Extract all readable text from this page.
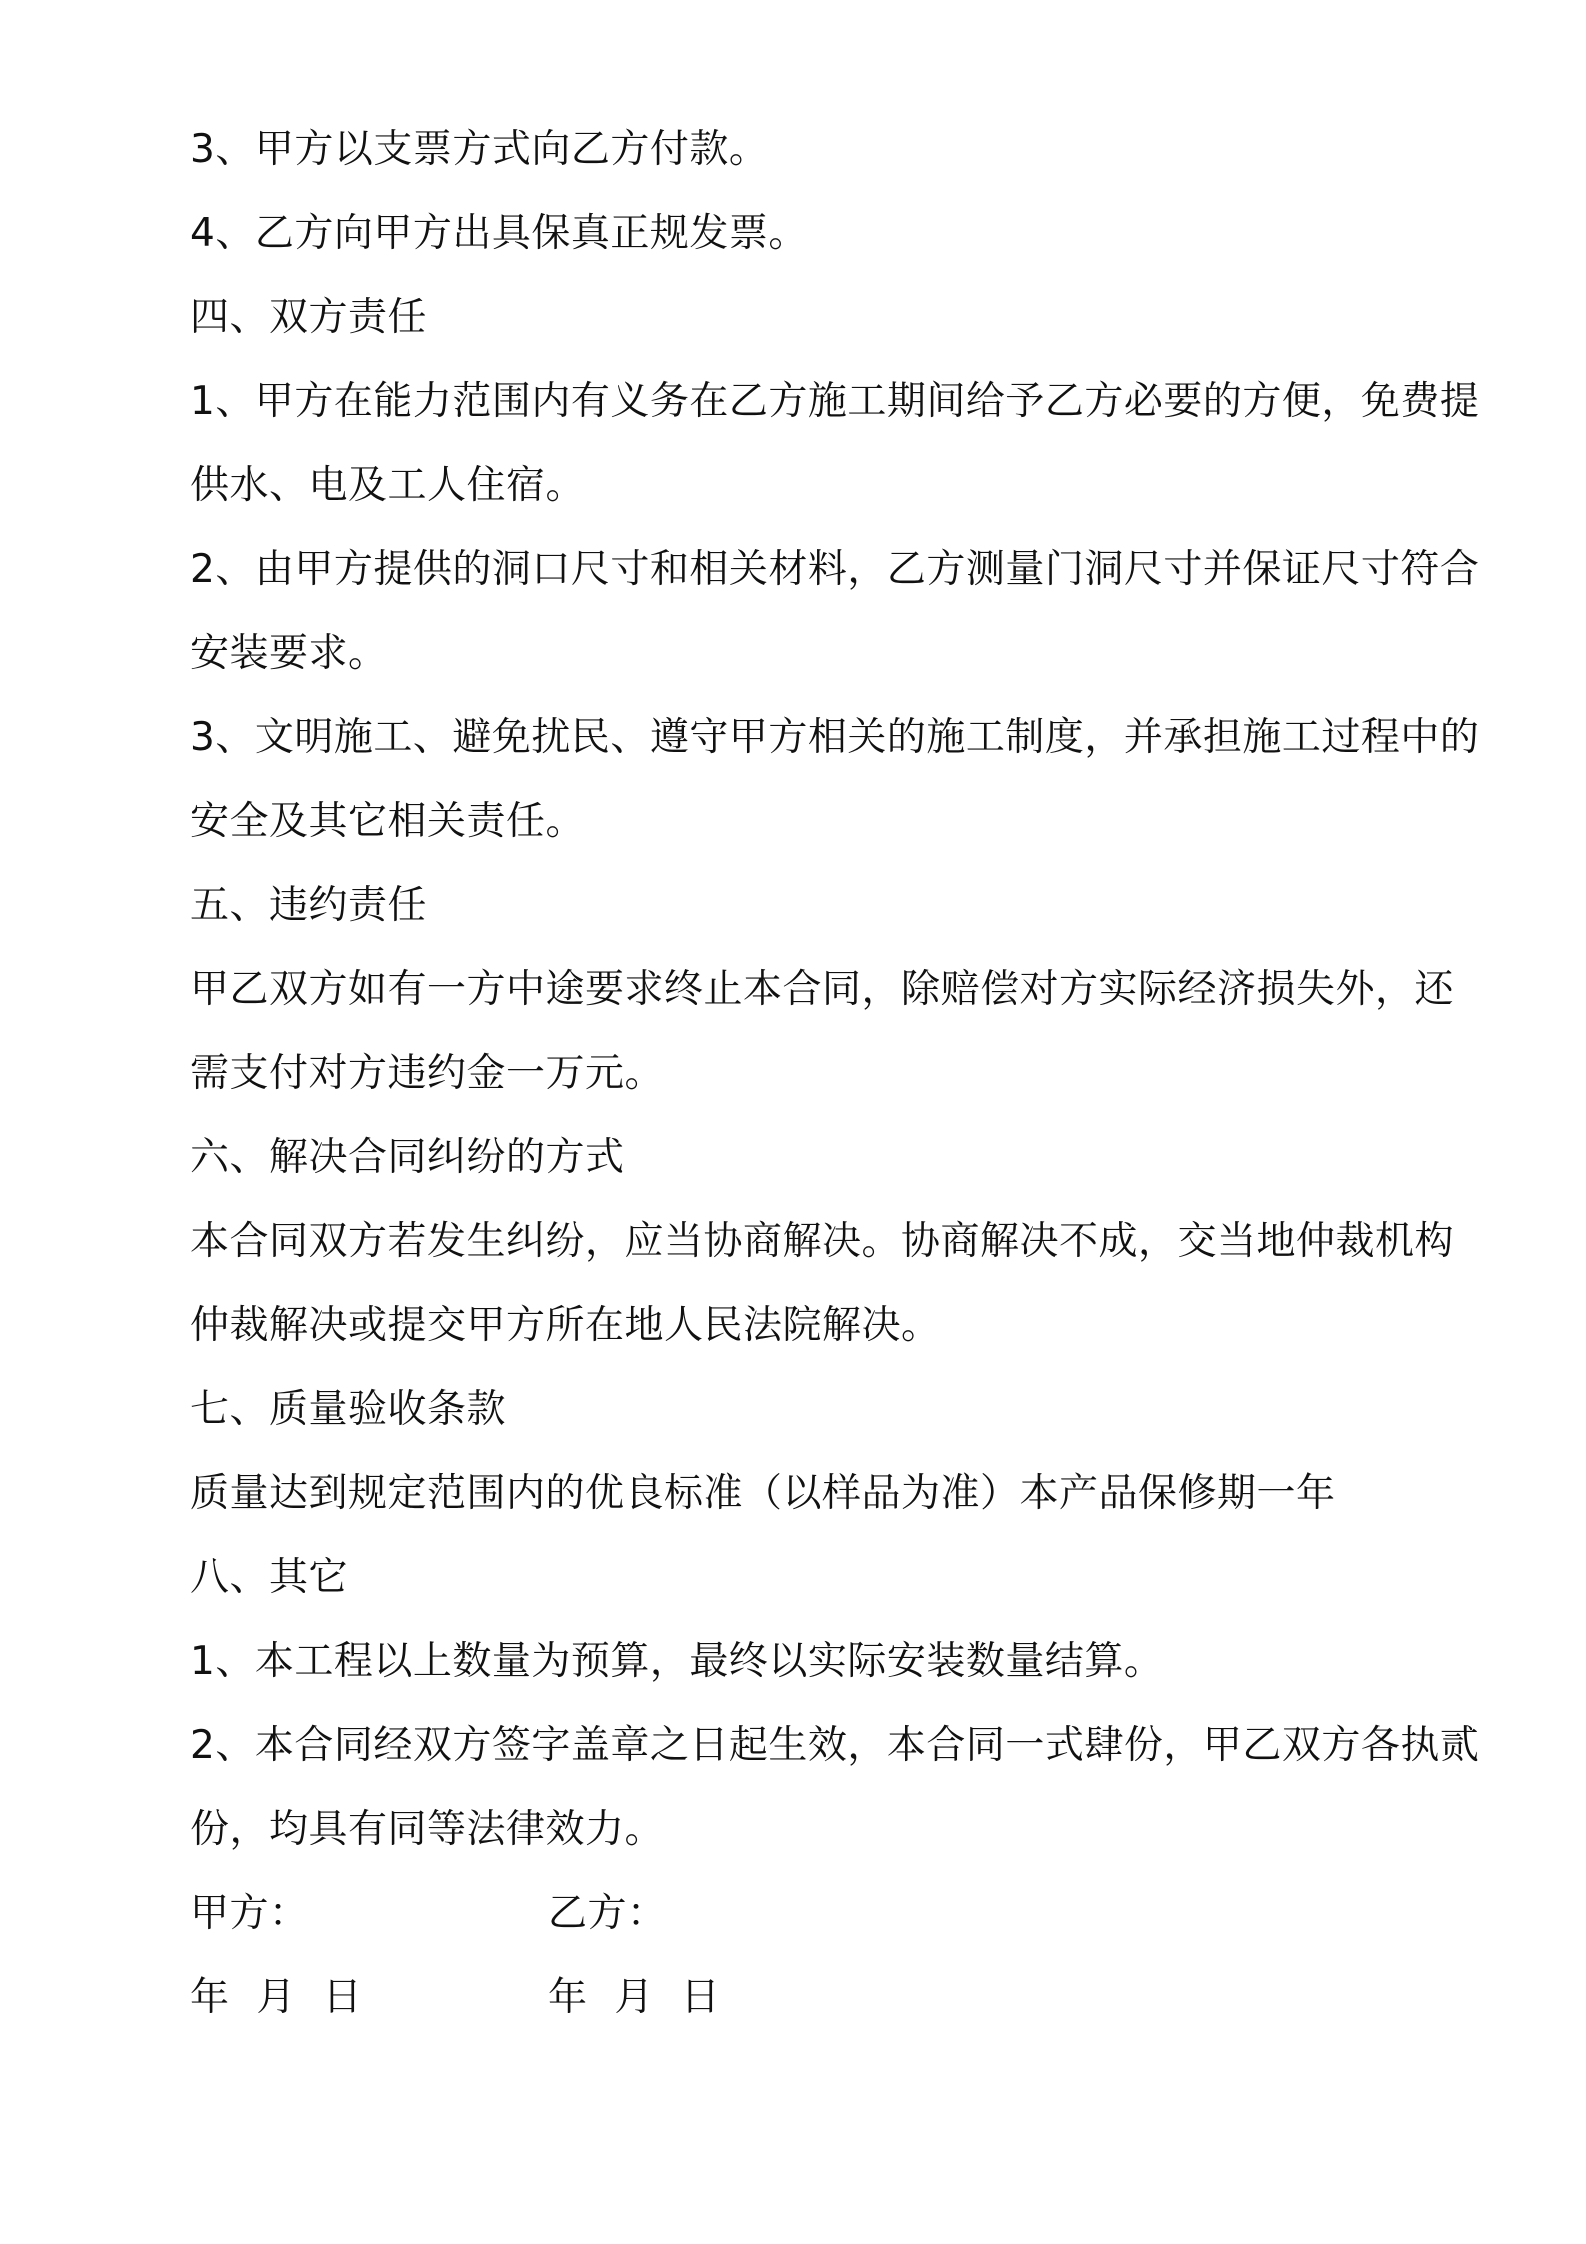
3、甲方以支票方式向乙方付款。
4、乙方向甲方出具保真正规发票。
四、双方责任
1、甲方在能力范围内有义务在乙方施工期间给予乙方必要的方便，免费提
供水、电及工人住宿。
2、由甲方提供的洞口尺寸和相关材料，乙方测量门洞尺寸并保证尺寸符合
安装要求。
3、文明施工、避免扰民、遵守甲方相关的施工制度，并承担施工过程中的
安全及其它相关责任。
五、违约责任
甲乙双方如有一方中途要求终止本合同，除赔偿对方实际经济损失外，还
需支付对方违约金一万元。
六、解决合同纠纷的方式
本合同双方若发生纠纷，应当协商解决。协商解决不成，交当地仲裁机构
仲裁解决或提交甲方所在地人民法院解决。
七、质量验收条款
质量达到规定范围内的优良标准（以样品为准）本产品保修期一年
八、其它
1、本工程以上数量为预算，最终以实际安装数量结算。
2、本合同经双方签字盖章之日起生效，本合同一式肆份，甲乙双方各执贰
份，均具有同等法律效力。
甲方：	乙方：
年 月 日	年 月 日
